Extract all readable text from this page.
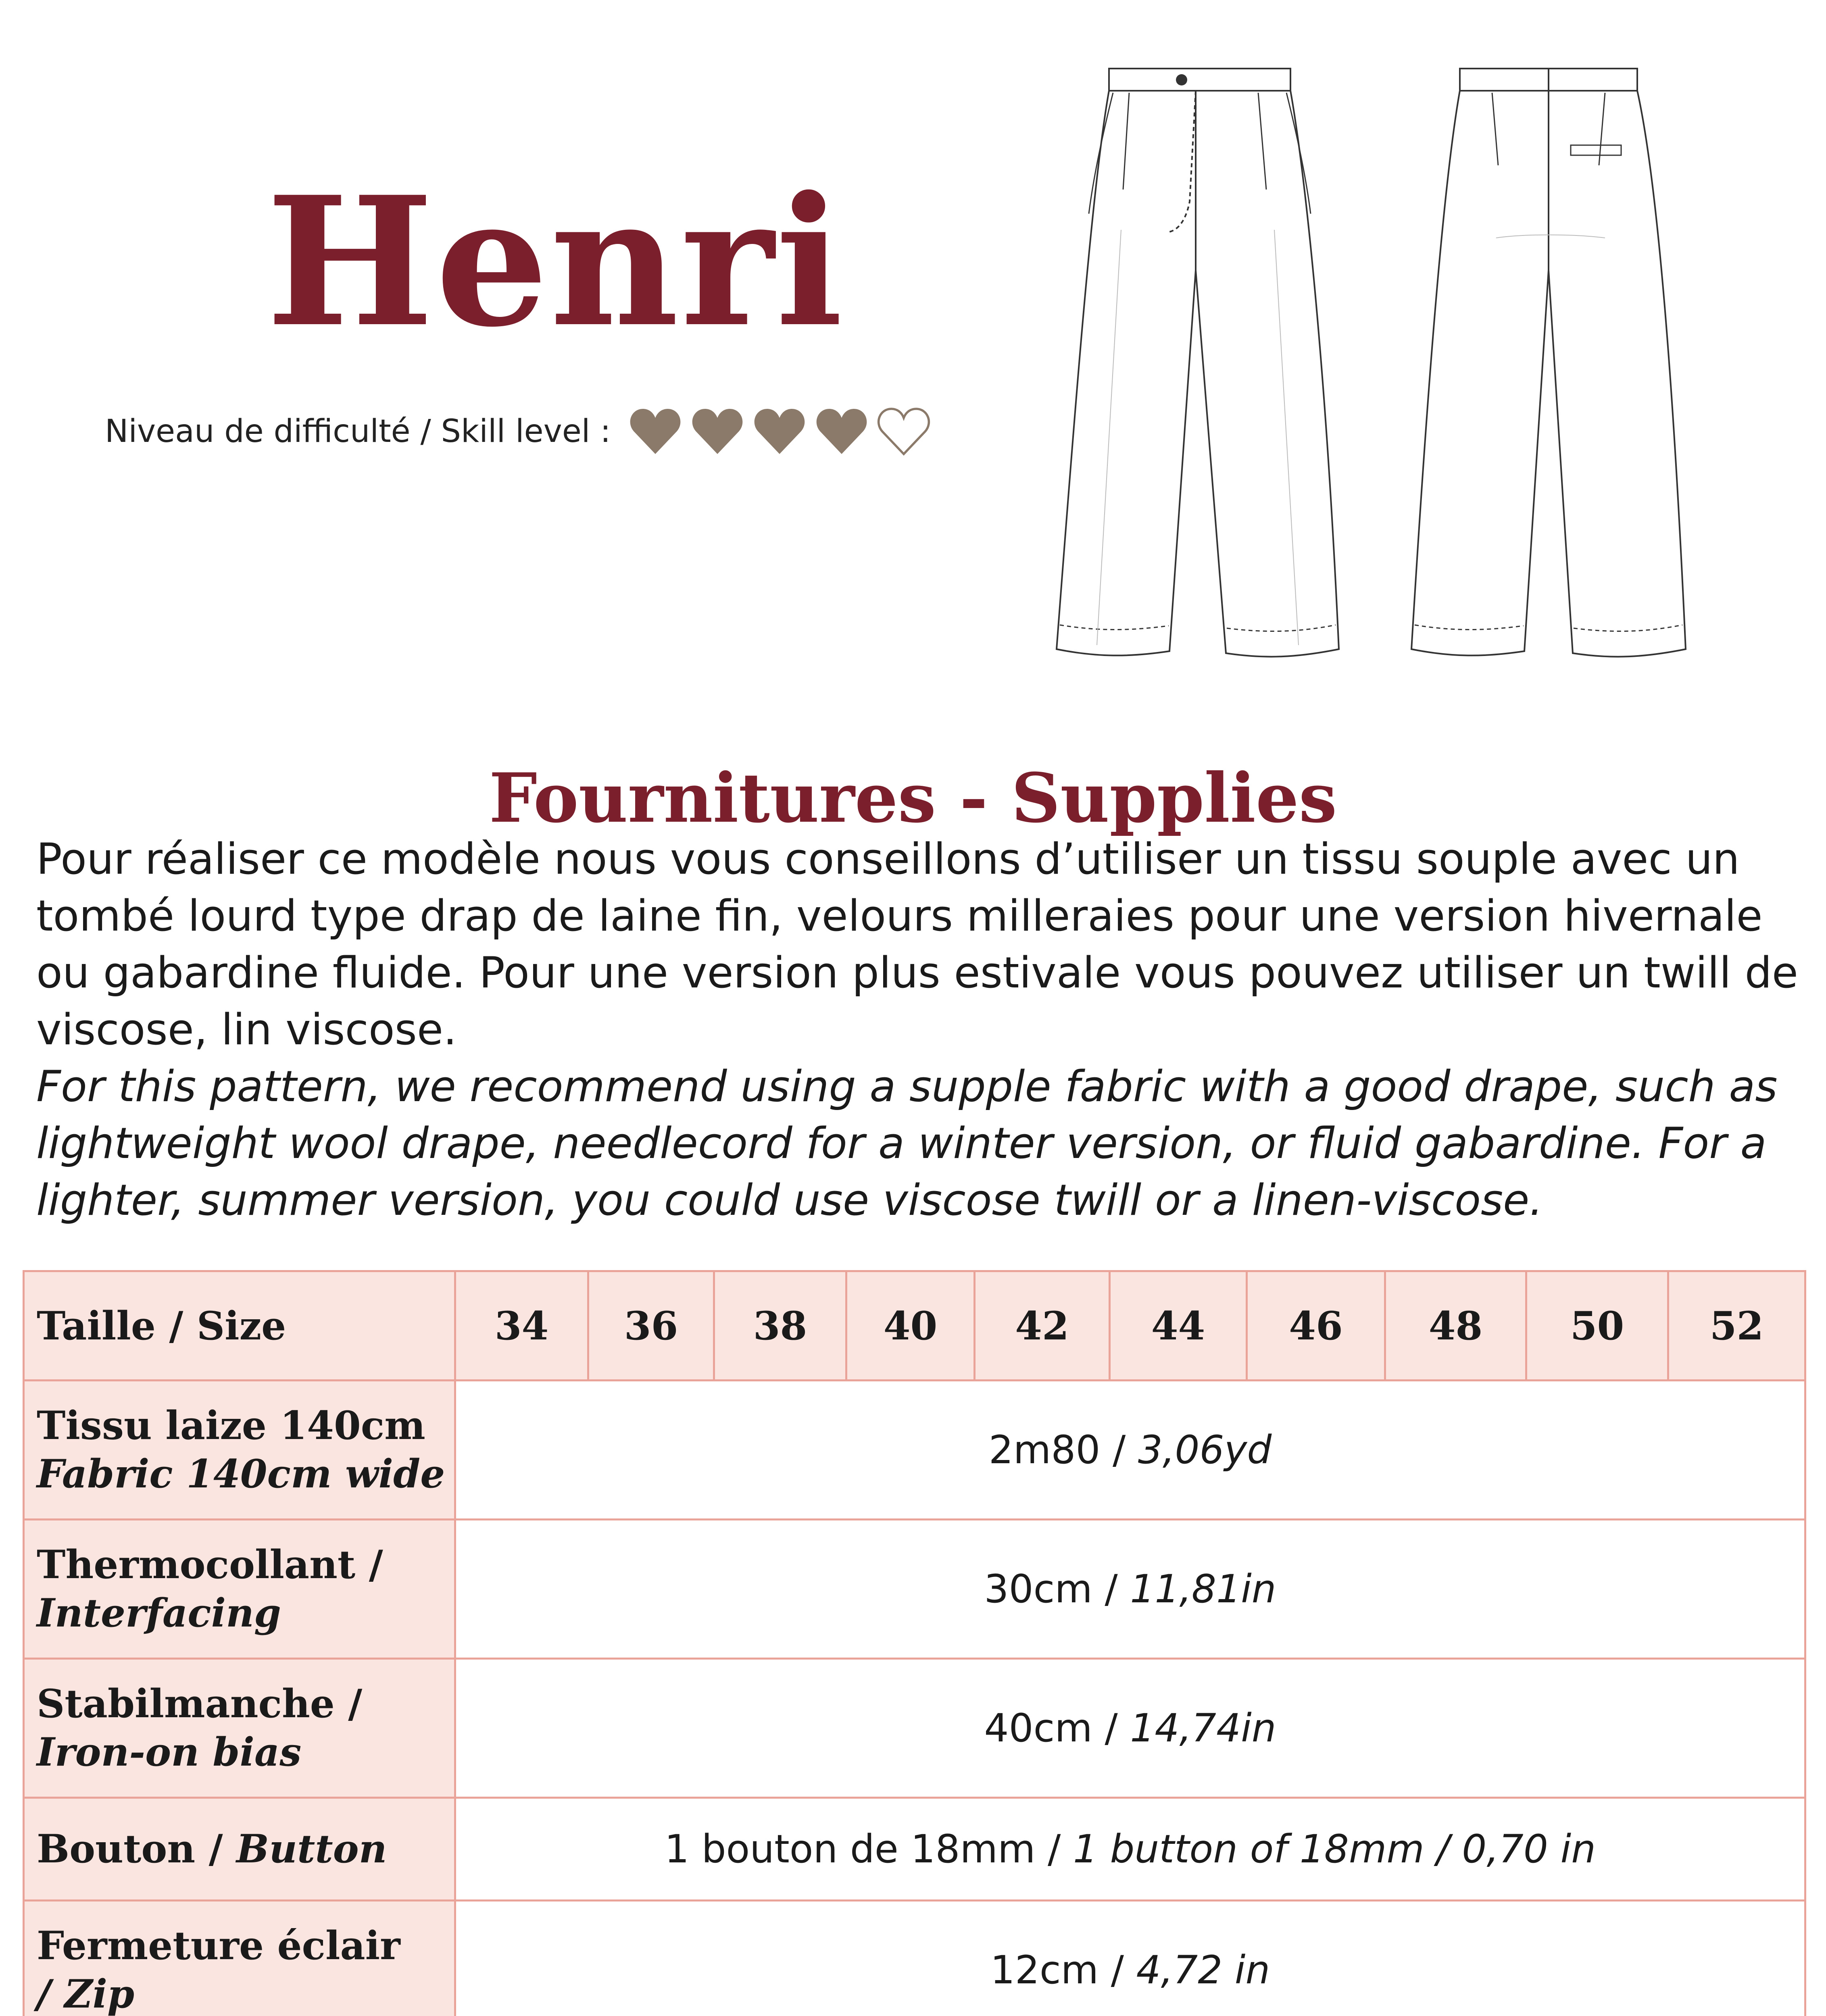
Henri
Niveau de difficulté / Skill level :
Fournitures - Supplies

Pour réaliser ce modèle nous vous conseillons d’utiliser un tissu souple avec un tombé lourd type drap de laine fin, velours milleraies pour une version hivernale ou gabardine fluide. Pour une version plus estivale vous pouvez utiliser un twill de viscose, lin viscose.

For this pattern, we recommend using a supple fabric with a good drape, such as lightweight wool drape, needlecord for a winter version, or fluid gabardine. For a lighter, summer version, you could use viscose twill or a linen-viscose.

Taille / Size	34	36	38	40	42	44	46	48	50	52

Tissu laize 140cm
Fabric 140cm wide	2m80 / 3,06yd									

Thermocollant /
Interfacing	30cm / 11,81in									

Stabilmanche /
Iron-on bias	40cm / 14,74in									
Bouton / Button	1 bouton de 18mm / 1 button of 18mm / 0,70 in									

Fermeture éclair
/ Zip	12cm / 4,72 in									
